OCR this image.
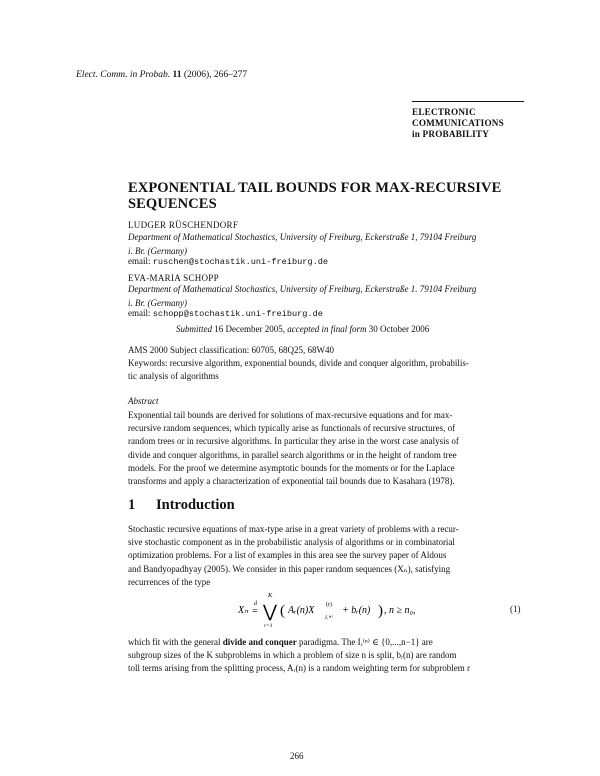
Elect. Comm. in Probab. 11 (2006), 266–277
ELECTRONIC
COMMUNICATIONS
in PROBABILITY
EXPONENTIAL TAIL BOUNDS FOR MAX-RECURSIVE
SEQUENCES
LUDGER RÜSCHENDORF
Department of Mathematical Stochastics, University of Freiburg, Eckerstraße 1, 79104 Freiburg
i. Br. (Germany)
email: ruschen@stochastik.uni-freiburg.de
EVA-MARIA SCHOPP
Department of Mathematical Stochastics, University of Freiburg, Eckerstraße 1. 79104 Freiburg
i. Br. (Germany)
email: schopp@stochastik.uni-freiburg.de
Submitted 16 December 2005, accepted in final form 30 October 2006
AMS 2000 Subject classification: 60705, 68Q25, 68W40
Keywords: recursive algorithm, exponential bounds, divide and conquer algorithm, probabilis-
tic analysis of algorithms
Abstract
Exponential tail bounds are derived for solutions of max-recursive equations and for max-
recursive random sequences, which typically arise as functionals of recursive structures, of
random trees or in recursive algorithms. In particular they arise in the worst case analysis of
divide and conquer algorithms, in parallel search algorithms or in the height of random tree
models. For the proof we determine asymptotic bounds for the moments or for the Laplace
transforms and apply a characterization of exponential tail bounds due to Kasahara (1978).
1 Introduction
Stochastic recursive equations of max-type arise in a great variety of problems with a recur-
sive stochastic component as in the probabilistic analysis of algorithms or in combinatorial
optimization problems. For a list of examples in this area see the survey paper of Aldous
and Bandyopadhyay (2005). We consider in this paper random sequences (Xₙ), satisfying
recurrences of the type
Xₙ
d
=
K
⋁
r=1
( Aᵣ(n)X (r)
Iᵣ⁽ⁿ⁾
+ bᵣ(n) ) , n ≥ n₀,	(1)
which fit with the general divide and conquer paradigma. The Iᵣ⁽ⁿ⁾ ∈ {0,...,n−1} are
subgroup sizes of the K subproblems in which a problem of size n is split, bᵣ(n) are random
toll terms arising from the splitting process, Aᵣ(n) is a random weighting term for subproblem r
266
